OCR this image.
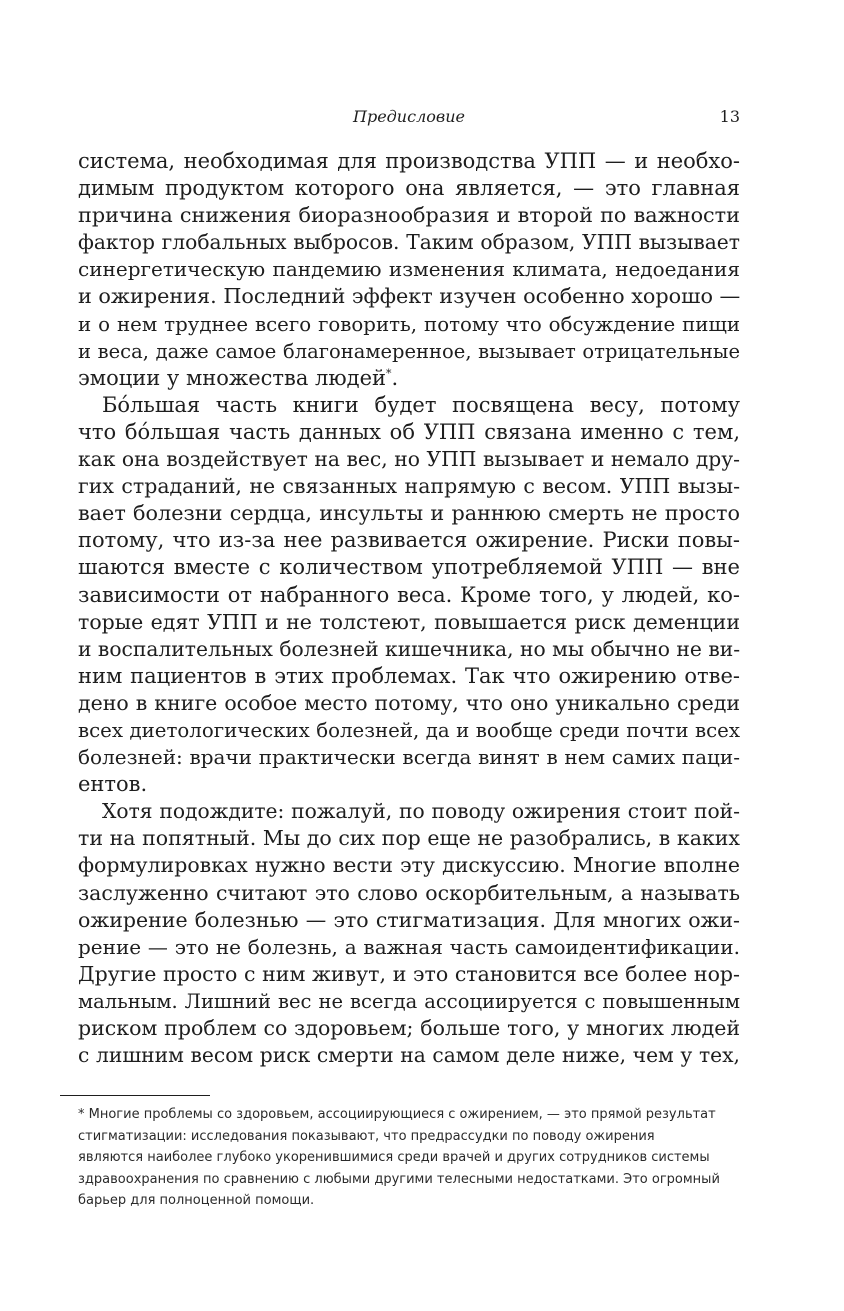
Предисловие	13
система, необходимая для производства УПП — и необхо-
димым продуктом которого она является, — это главная
причина снижения биоразнообразия и второй по важности
фактор глобальных выбросов. Таким образом, УПП вызывает
синергетическую пандемию изменения климата, недоедания
и ожирения. Последний эффект изучен особенно хорошо —
и о нем труднее всего говорить, потому что обсуждение пищи
и веса, даже самое благонамеренное, вызывает отрицательные
эмоции у множества людей*.
Бóльшая часть книги будет посвящена весу, потому
что бóльшая часть данных об УПП связана именно с тем,
как она воздействует на вес, но УПП вызывает и немало дру-
гих страданий, не связанных напрямую с весом. УПП вызы-
вает болезни сердца, инсульты и раннюю смерть не просто
потому, что из-за нее развивается ожирение. Риски повы-
шаются вместе с количеством употребляемой УПП — вне
зависимости от набранного веса. Кроме того, у людей, ко-
торые едят УПП и не толстеют, повышается риск деменции
и воспалительных болезней кишечника, но мы обычно не ви-
ним пациентов в этих проблемах. Так что ожирению отве-
дено в книге особое место потому, что оно уникально среди
всех диетологических болезней, да и вообще среди почти всех
болезней: врачи практически всегда винят в нем самих паци-
ентов.
Хотя подождите: пожалуй, по поводу ожирения стоит пой-
ти на попятный. Мы до сих пор еще не разобрались, в каких
формулировках нужно вести эту дискуссию. Многие вполне
заслуженно считают это слово оскорбительным, а называть
ожирение болезнью — это стигматизация. Для многих ожи-
рение — это не болезнь, а важная часть самоидентификации.
Другие просто с ним живут, и это становится все более нор-
мальным. Лишний вес не всегда ассоциируется с повышенным
риском проблем со здоровьем; больше того, у многих людей
с лишним весом риск смерти на самом деле ниже, чем у тех,
* Многие проблемы со здоровьем, ассоциирующиеся с ожирением, — это прямой результат
стигматизации: исследования показывают, что предрассудки по поводу ожирения
являются наиболее глубоко укоренившимися среди врачей и других сотрудников системы
здравоохранения по сравнению с любыми другими телесными недостатками. Это огромный
барьер для полноценной помощи.
